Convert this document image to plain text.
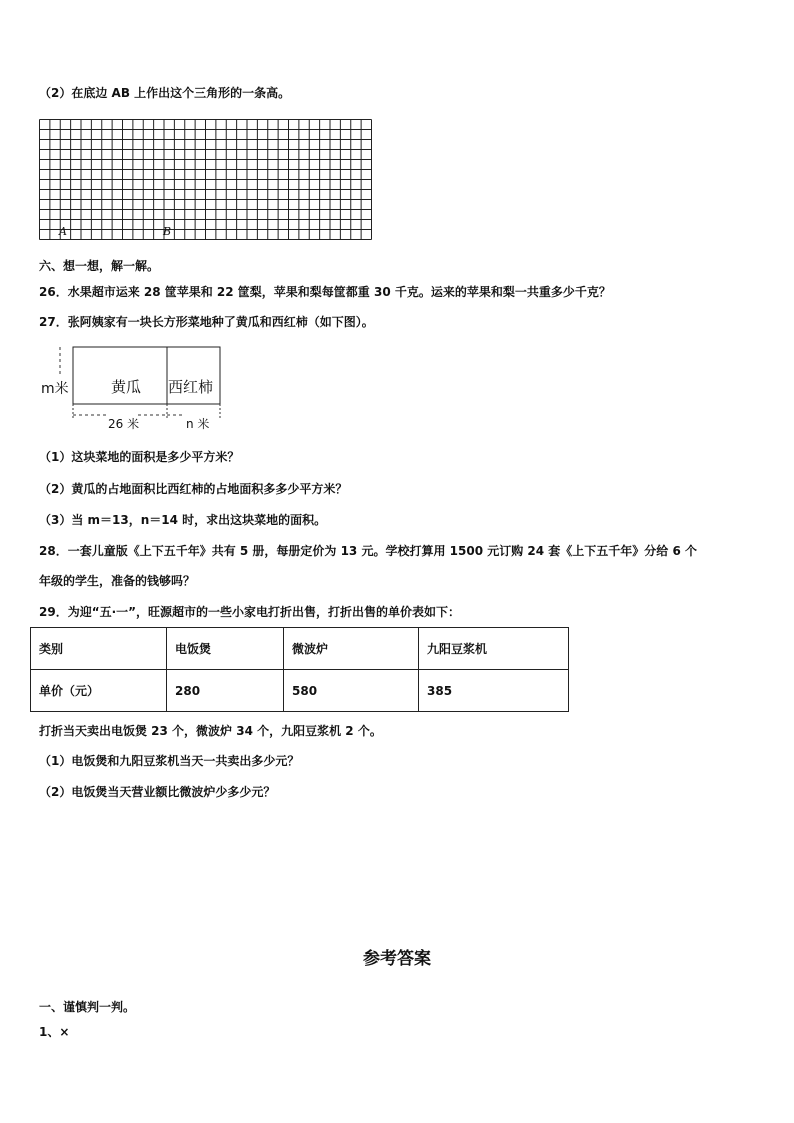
（2）在底边 AB 上作出这个三角形的一条高。
A	B
六、想一想，解一解。
26．水果超市运来 28 筐苹果和 22 筐梨，苹果和梨每筐都重 30 千克。运来的苹果和梨一共重多少千克？
27．张阿姨家有一块长方形菜地种了黄瓜和西红柿（如下图）。
m米	黄瓜 西红柿
26 米	n 米
（1）这块菜地的面积是多少平方米？
（2）黄瓜的占地面积比西红柿的占地面积多多少平方米？
（3）当 m＝13，n＝14 时，求出这块菜地的面积。
28．一套儿童版《上下五千年》共有 5 册，每册定价为 13 元。学校打算用 1500 元订购 24 套《上下五千年》分给 6 个
年级的学生，准备的钱够吗？
29．为迎“五·一”，旺源超市的一些小家电打折出售，打折出售的单价表如下：
类别	电饭煲	微波炉	九阳豆浆机
单价（元）	280	580	385
打折当天卖出电饭煲 23 个，微波炉 34 个，九阳豆浆机 2 个。
（1）电饭煲和九阳豆浆机当天一共卖出多少元？
（2）电饭煲当天营业额比微波炉少多少元？
参考答案
一、谨慎判一判。
1、×
